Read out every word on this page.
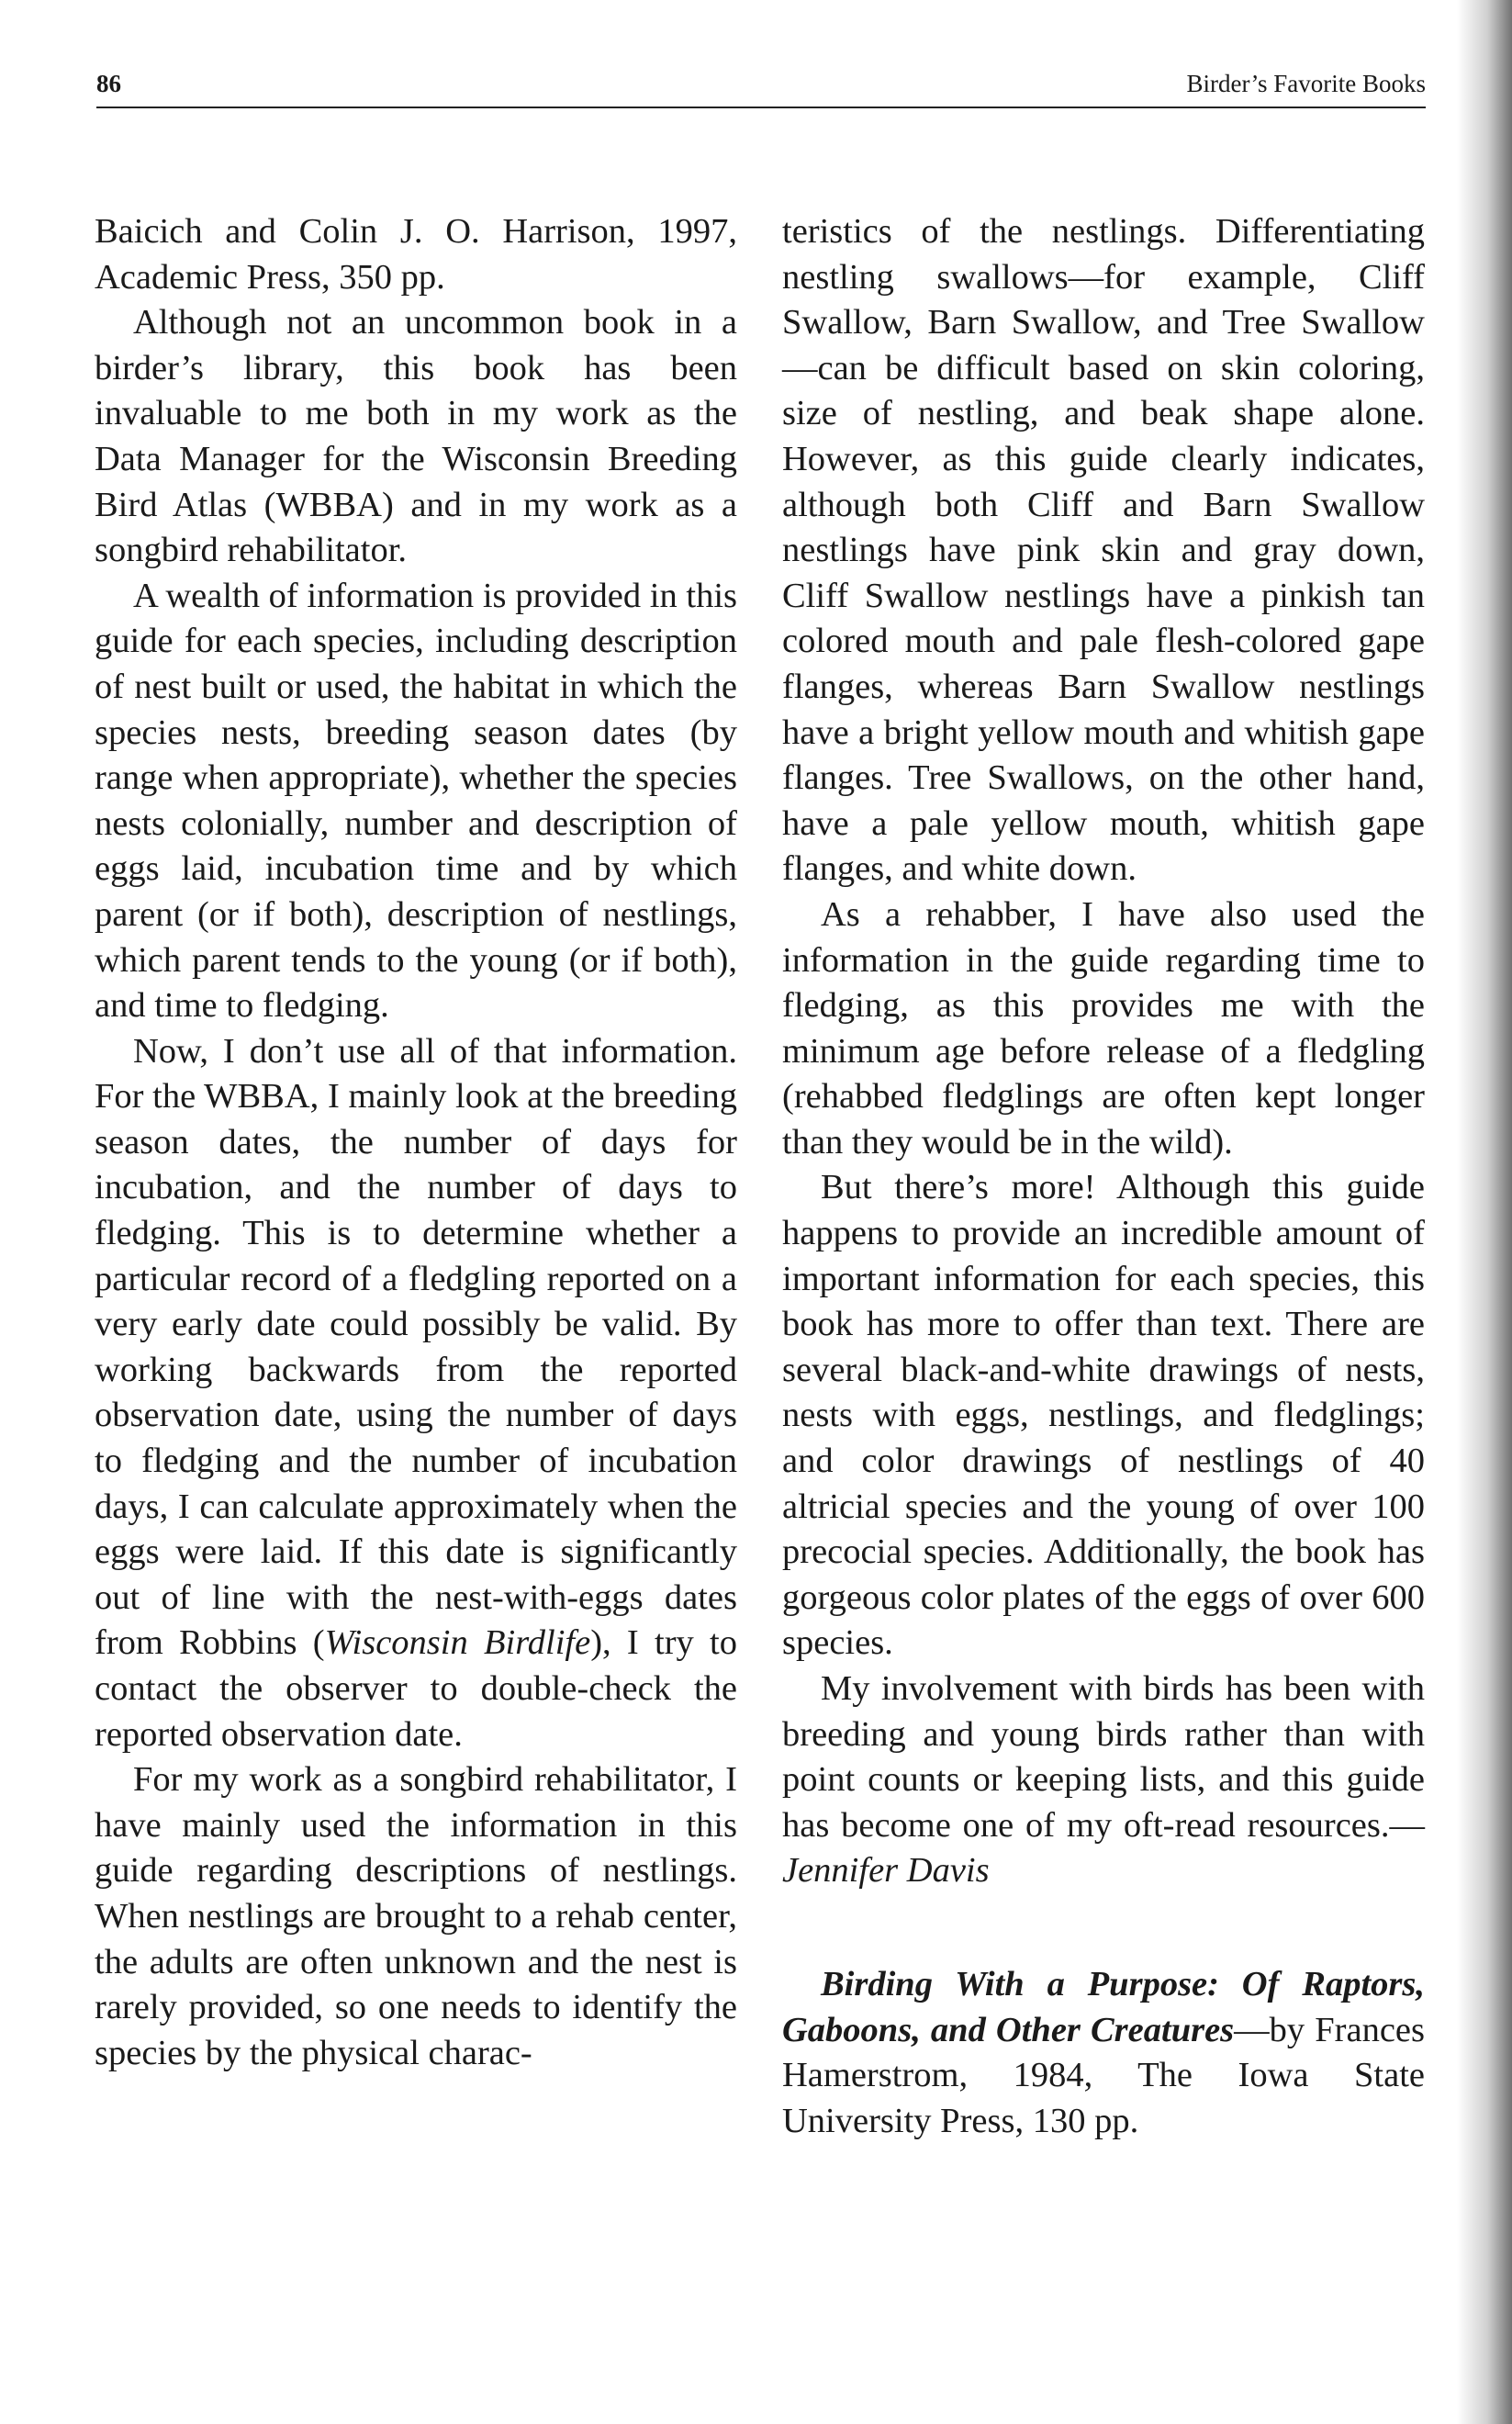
86	Birder’s Favorite Books

Baicich and Colin J. O. Harrison, 1997, Academic Press, 350 pp.

Although not an uncommon book in a birder’s library, this book has been invaluable to me both in my work as the Data Manager for the Wisconsin Breeding Bird Atlas (WBBA) and in my work as a songbird rehabilitator.

A wealth of information is provided in this guide for each species, including description of nest built or used, the habitat in which the species nests, breeding season dates (by range when appropriate), whether the species nests colonially, number and description of eggs laid, incubation time and by which parent (or if both), description of nestlings, which parent tends to the young (or if both), and time to fledging.

Now, I don’t use all of that information. For the WBBA, I mainly look at the breeding season dates, the number of days for incubation, and the number of days to fledging. This is to determine whether a particular record of a fledgling reported on a very early date could possibly be valid. By working backwards from the reported observation date, using the number of days to fledging and the number of incubation days, I can calculate approximately when the eggs were laid. If this date is significantly out of line with the nest-with-eggs dates from Robbins (Wisconsin Birdlife), I try to contact the observer to double-check the reported observation date.

For my work as a songbird rehabilitator, I have mainly used the information in this guide regarding descriptions of nestlings. When nestlings are brought to a rehab center, the adults are often unknown and the nest is rarely provided, so one needs to identify the species by the physical charac-

teristics of the nestlings. Differentiating nestling swallows—for example, Cliff Swallow, Barn Swallow, and Tree Swallow—can be difficult based on skin coloring, size of nestling, and beak shape alone. However, as this guide clearly indicates, although both Cliff and Barn Swallow nestlings have pink skin and gray down, Cliff Swallow nestlings have a pinkish tan colored mouth and pale flesh-colored gape flanges, whereas Barn Swallow nestlings have a bright yellow mouth and whitish gape flanges. Tree Swallows, on the other hand, have a pale yellow mouth, whitish gape flanges, and white down.

As a rehabber, I have also used the information in the guide regarding time to fledging, as this provides me with the minimum age before release of a fledgling (rehabbed fledglings are often kept longer than they would be in the wild).

But there’s more! Although this guide happens to provide an incredible amount of important information for each species, this book has more to offer than text. There are several black-and-white drawings of nests, nests with eggs, nestlings, and fledglings; and color drawings of nestlings of 40 altricial species and the young of over 100 precocial species. Additionally, the book has gorgeous color plates of the eggs of over 600 species.

My involvement with birds has been with breeding and young birds rather than with point counts or keeping lists, and this guide has become one of my oft-read resources.—Jennifer Davis

Birding With a Purpose: Of Raptors, Gaboons, and Other Creatures—by Frances Hamerstrom, 1984, The Iowa State University Press, 130 pp.
